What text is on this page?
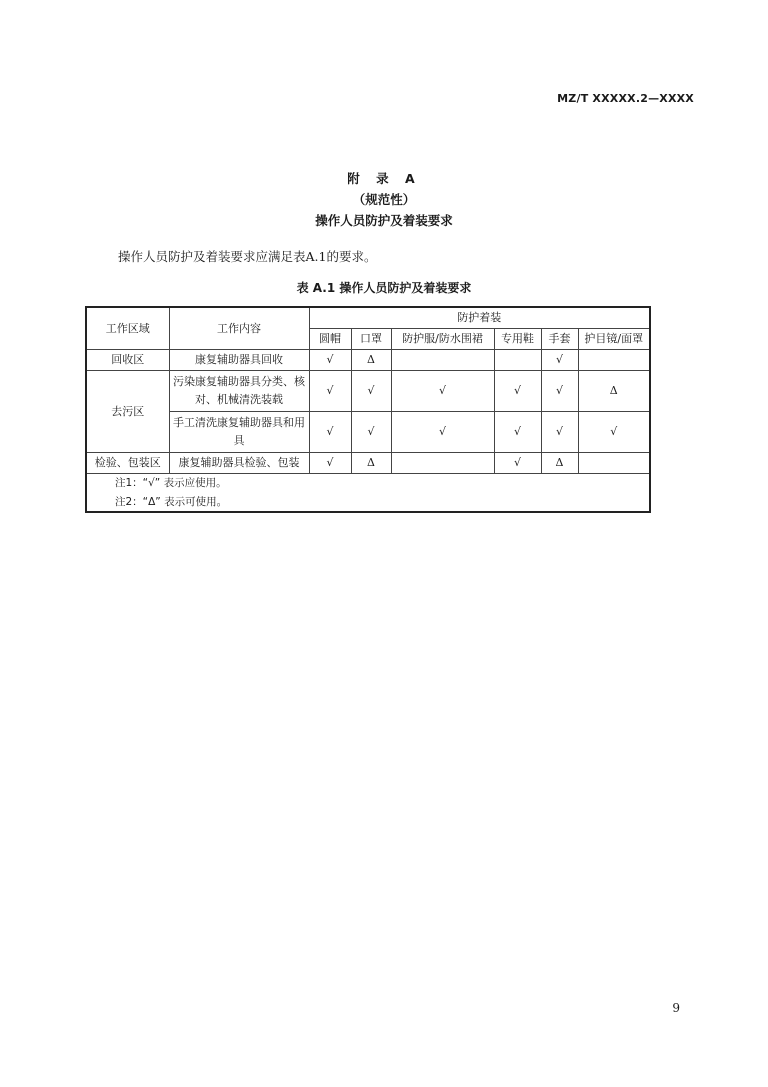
MZ/T XXXXX.2—XXXX
附 录 A
（规范性）
操作人员防护及着装要求
操作人员防护及着装要求应满足表A.1的要求。
表 A.1 操作人员防护及着装要求
工作区域	工作内容	防护着装					
		圆帽	口罩	防护服/防水围裙	专用鞋	手套	护目镜/面罩
回收区	康复辅助器具回收	√	Δ			√	
去污区	污染康复辅助器具分类、核对、机械清洗装载	√	√	√	√	√	Δ
	手工清洗康复辅助器具和用具	√	√	√	√	√	√
检验、包装区	康复辅助器具检验、包装	√	Δ		√	Δ	
注1：“√” 表示应使用。							
注2：“Δ” 表示可使用。							
9
